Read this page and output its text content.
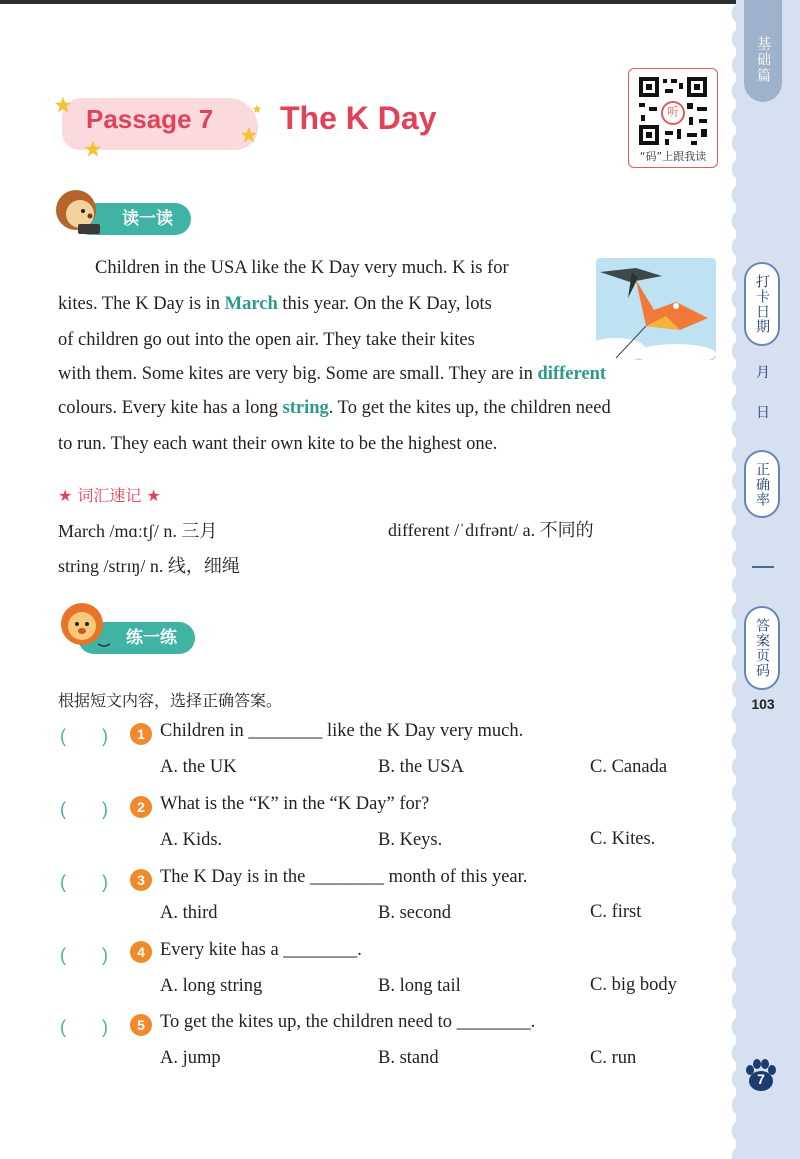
基础篇
打卡日期
月
日
正确率
答案页码
103
7
Passage 7 The K Day	听
“码”上跟我读
读一读
Children in the USA like the K Day very much. K is for
kites. The K Day is in March this year. On the K Day, lots
of children go out into the open air. They take their kites
with them. Some kites are very big. Some are small. They are in different
colours. Every kite has a long string. To get the kites up, the children need
to run. They each want their own kite to be the highest one.
★ 词汇速记 ★
March /mɑːtʃ/ n. 三月	different /ˈdɪfrənt/ a. 不同的
string /strɪŋ/ n. 线，细绳
练一练
根据短文内容，选择正确答案。
(　　)	1 Children in ________ like the K Day very much.
A. the UK	B. the USA	C. Canada
(　　)	2 What is the “K” in the “K Day” for?
A. Kids.	B. Keys.	C. Kites.
(　　)	3 The K Day is in the ________ month of this year.
A. third	B. second	C. first
(　　)	4 Every kite has a ________.
A. long string	B. long tail	C. big body
(　　)	5 To get the kites up, the children need to ________.
A. jump	B. stand	C. run
